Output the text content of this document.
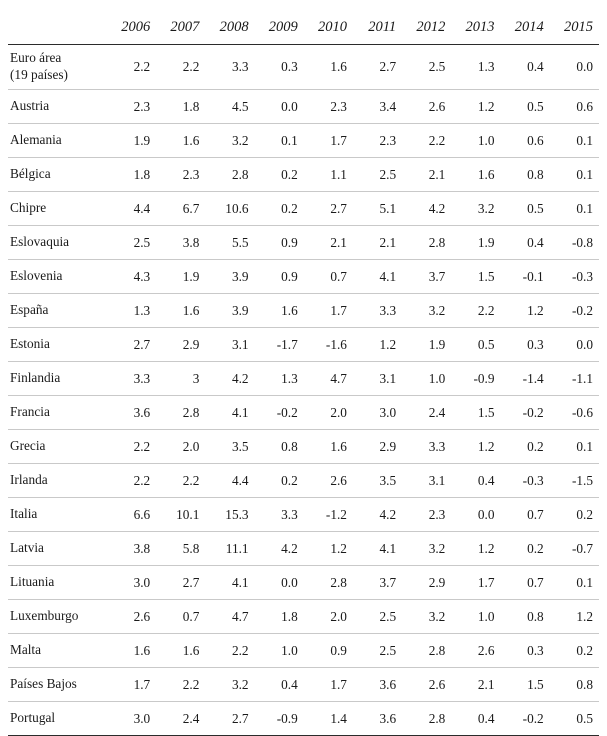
	2006	2007	2008	2009	2010	2011	2012	2013	2014	2015
Euro área
(19 países)	2.2	2.2	3.3	0.3	1.6	2.7	2.5	1.3	0.4	0.0
Austria	2.3	1.8	4.5	0.0	2.3	3.4	2.6	1.2	0.5	0.6
Alemania	1.9	1.6	3.2	0.1	1.7	2.3	2.2	1.0	0.6	0.1
Bélgica	1.8	2.3	2.8	0.2	1.1	2.5	2.1	1.6	0.8	0.1
Chipre	4.4	6.7	10.6	0.2	2.7	5.1	4.2	3.2	0.5	0.1
Eslovaquia	2.5	3.8	5.5	0.9	2.1	2.1	2.8	1.9	0.4	-0.8
Eslovenia	4.3	1.9	3.9	0.9	0.7	4.1	3.7	1.5	-0.1	-0.3
España	1.3	1.6	3.9	1.6	1.7	3.3	3.2	2.2	1.2	-0.2
Estonia	2.7	2.9	3.1	-1.7	-1.6	1.2	1.9	0.5	0.3	0.0
Finlandia	3.3	3	4.2	1.3	4.7	3.1	1.0	-0.9	-1.4	-1.1
Francia	3.6	2.8	4.1	-0.2	2.0	3.0	2.4	1.5	-0.2	-0.6
Grecia	2.2	2.0	3.5	0.8	1.6	2.9	3.3	1.2	0.2	0.1
Irlanda	2.2	2.2	4.4	0.2	2.6	3.5	3.1	0.4	-0.3	-1.5
Italia	6.6	10.1	15.3	3.3	-1.2	4.2	2.3	0.0	0.7	0.2
Latvia	3.8	5.8	11.1	4.2	1.2	4.1	3.2	1.2	0.2	-0.7
Lituania	3.0	2.7	4.1	0.0	2.8	3.7	2.9	1.7	0.7	0.1
Luxemburgo	2.6	0.7	4.7	1.8	2.0	2.5	3.2	1.0	0.8	1.2
Malta	1.6	1.6	2.2	1.0	0.9	2.5	2.8	2.6	0.3	0.2
Países Bajos	1.7	2.2	3.2	0.4	1.7	3.6	2.6	2.1	1.5	0.8
Portugal	3.0	2.4	2.7	-0.9	1.4	3.6	2.8	0.4	-0.2	0.5
